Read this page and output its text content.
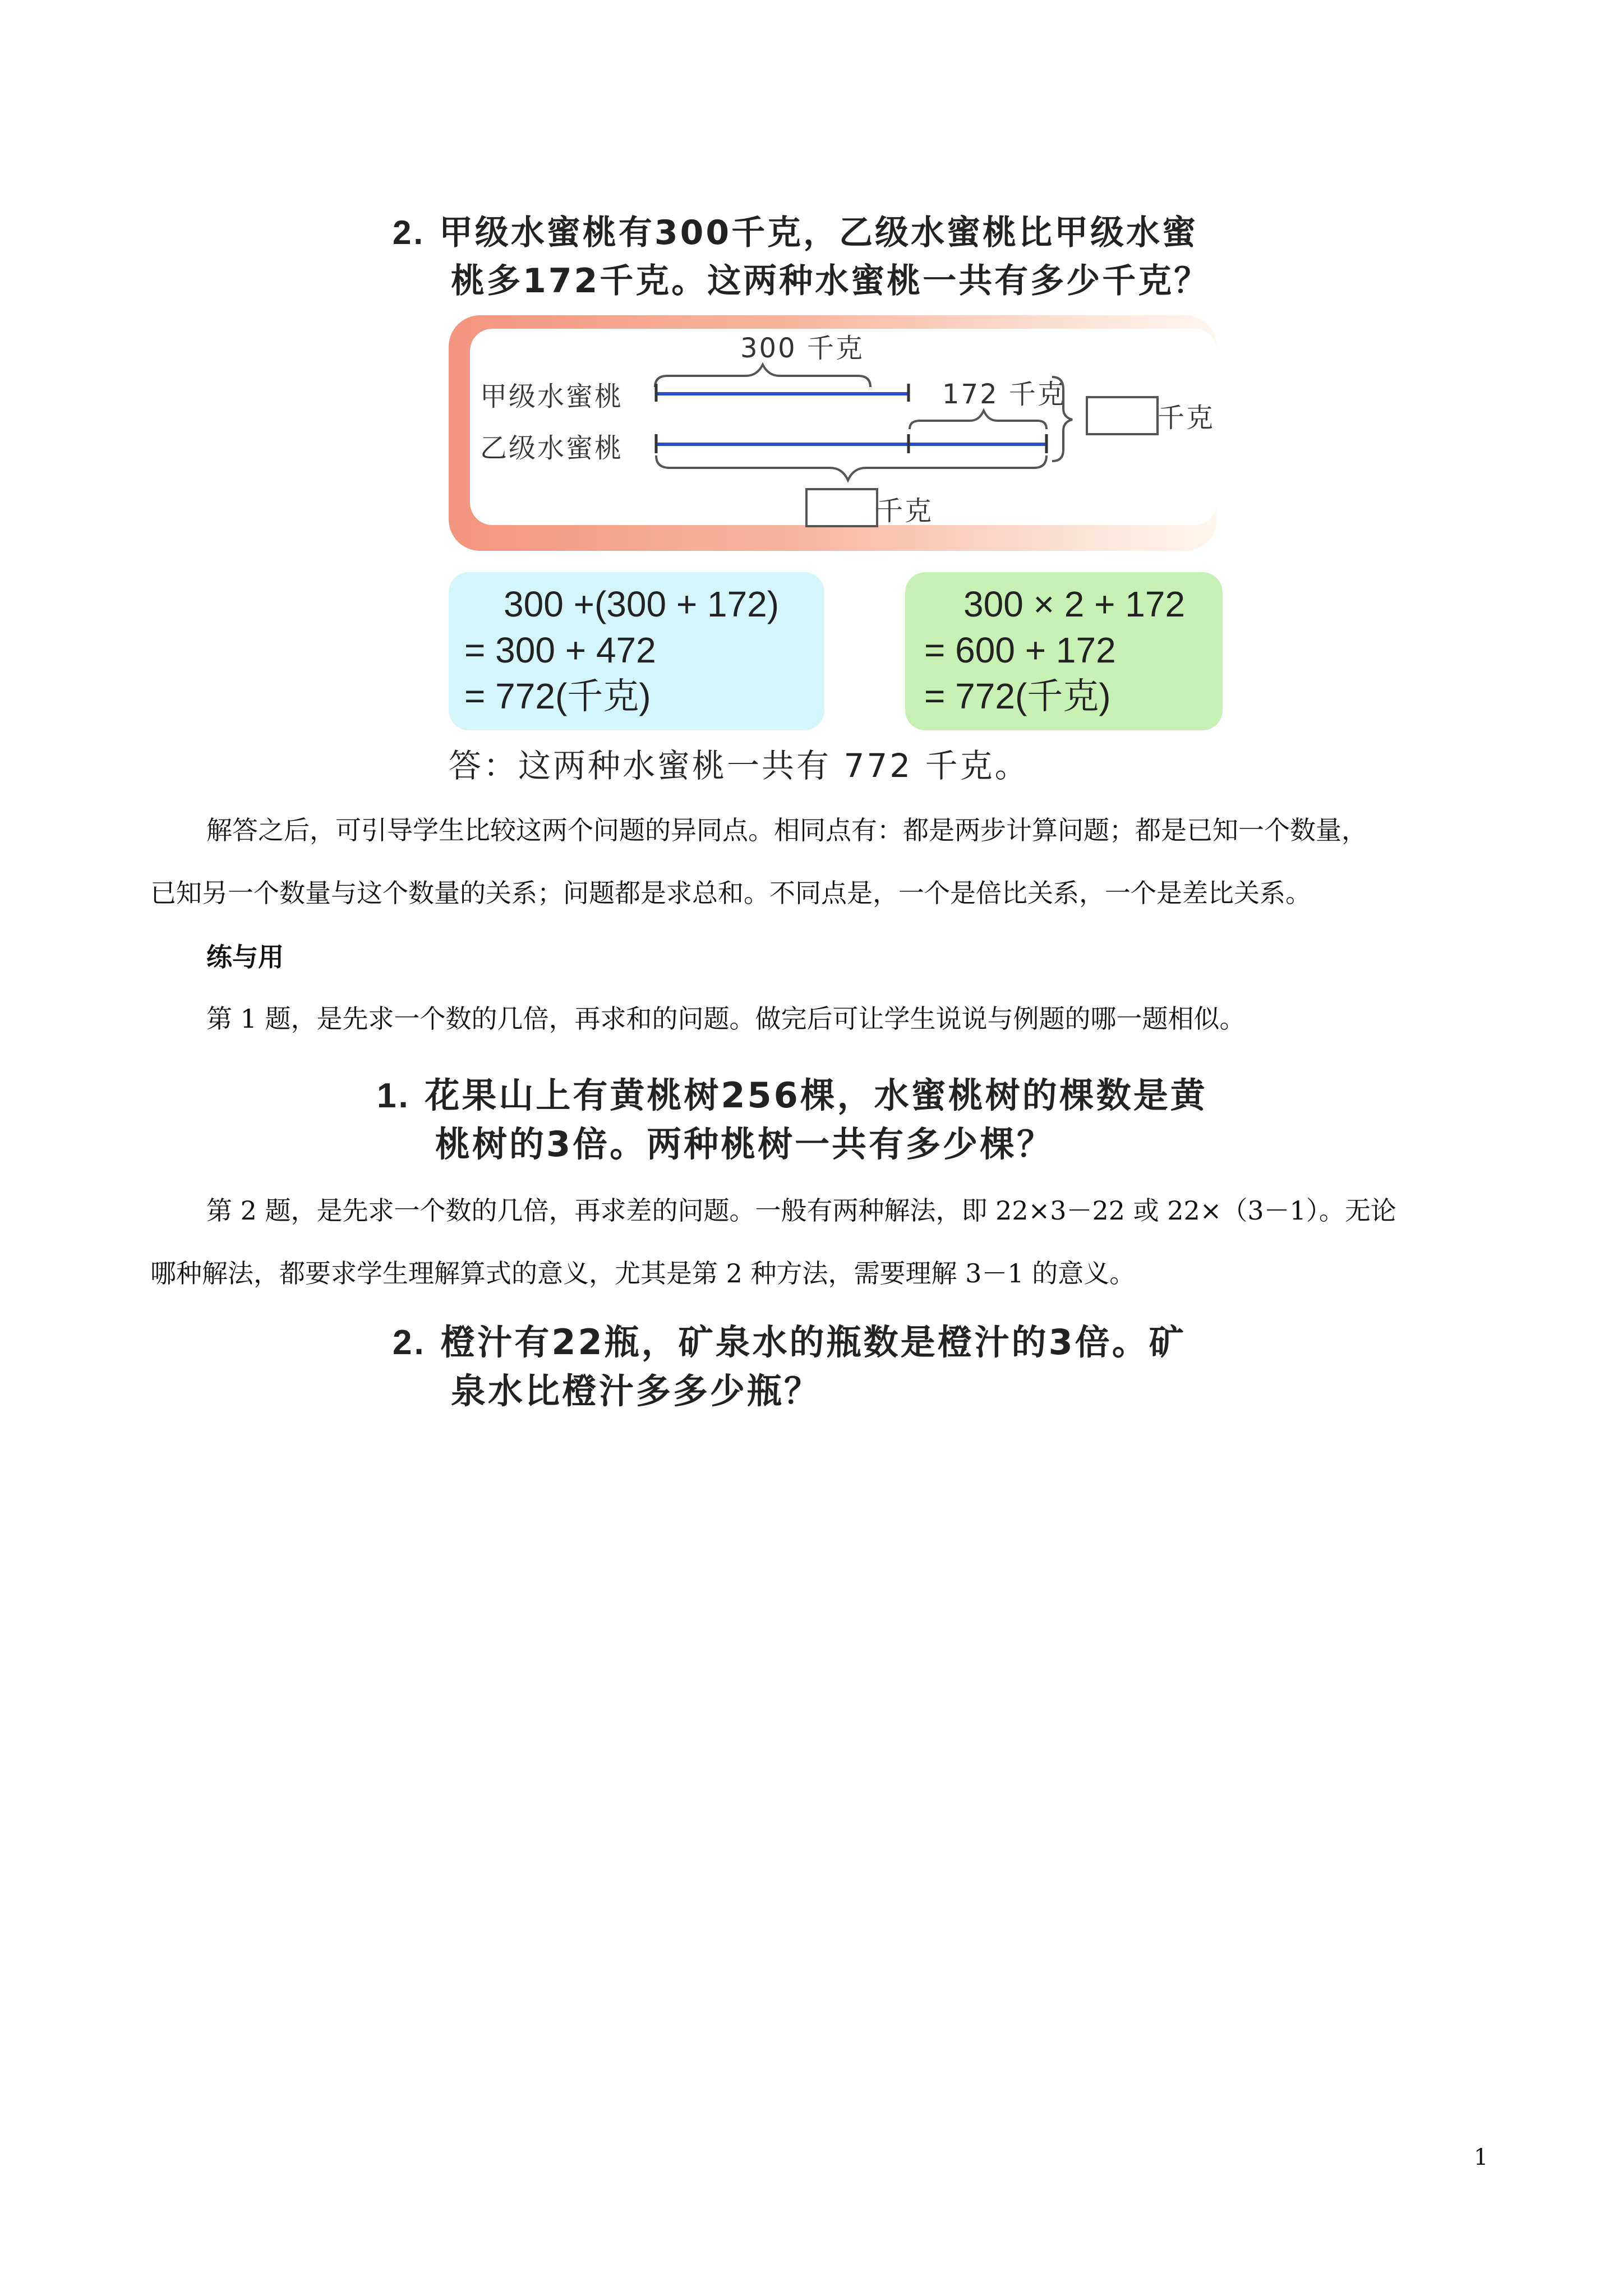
2. 甲级水蜜桃有300千克，乙级水蜜桃比甲级水蜜
桃多172千克。这两种水蜜桃一共有多少千克？
甲级水蜜桃
乙级水蜜桃
300 千克
172 千克
千克
千克
300 +(300 + 172)
= 300 + 472
= 772(千克)
300 × 2 + 172
= 600 + 172
= 772(千克)
答：这两种水蜜桃一共有 772 千克。
解答之后，可引导学生比较这两个问题的异同点。相同点有：都是两步计算问题；都是已知一个数量，
已知另一个数量与这个数量的关系；问题都是求总和。不同点是，一个是倍比关系，一个是差比关系。
练与用
第 1 题，是先求一个数的几倍，再求和的问题。做完后可让学生说说与例题的哪一题相似。
1. 花果山上有黄桃树256棵，水蜜桃树的棵数是黄
桃树的3倍。两种桃树一共有多少棵？
第 2 题，是先求一个数的几倍，再求差的问题。一般有两种解法，即 22×3－22 或 22×（3－1）。无论
哪种解法，都要求学生理解算式的意义，尤其是第 2 种方法，需要理解 3－1 的意义。
2. 橙汁有22瓶，矿泉水的瓶数是橙汁的3倍。矿
泉水比橙汁多多少瓶？
1
